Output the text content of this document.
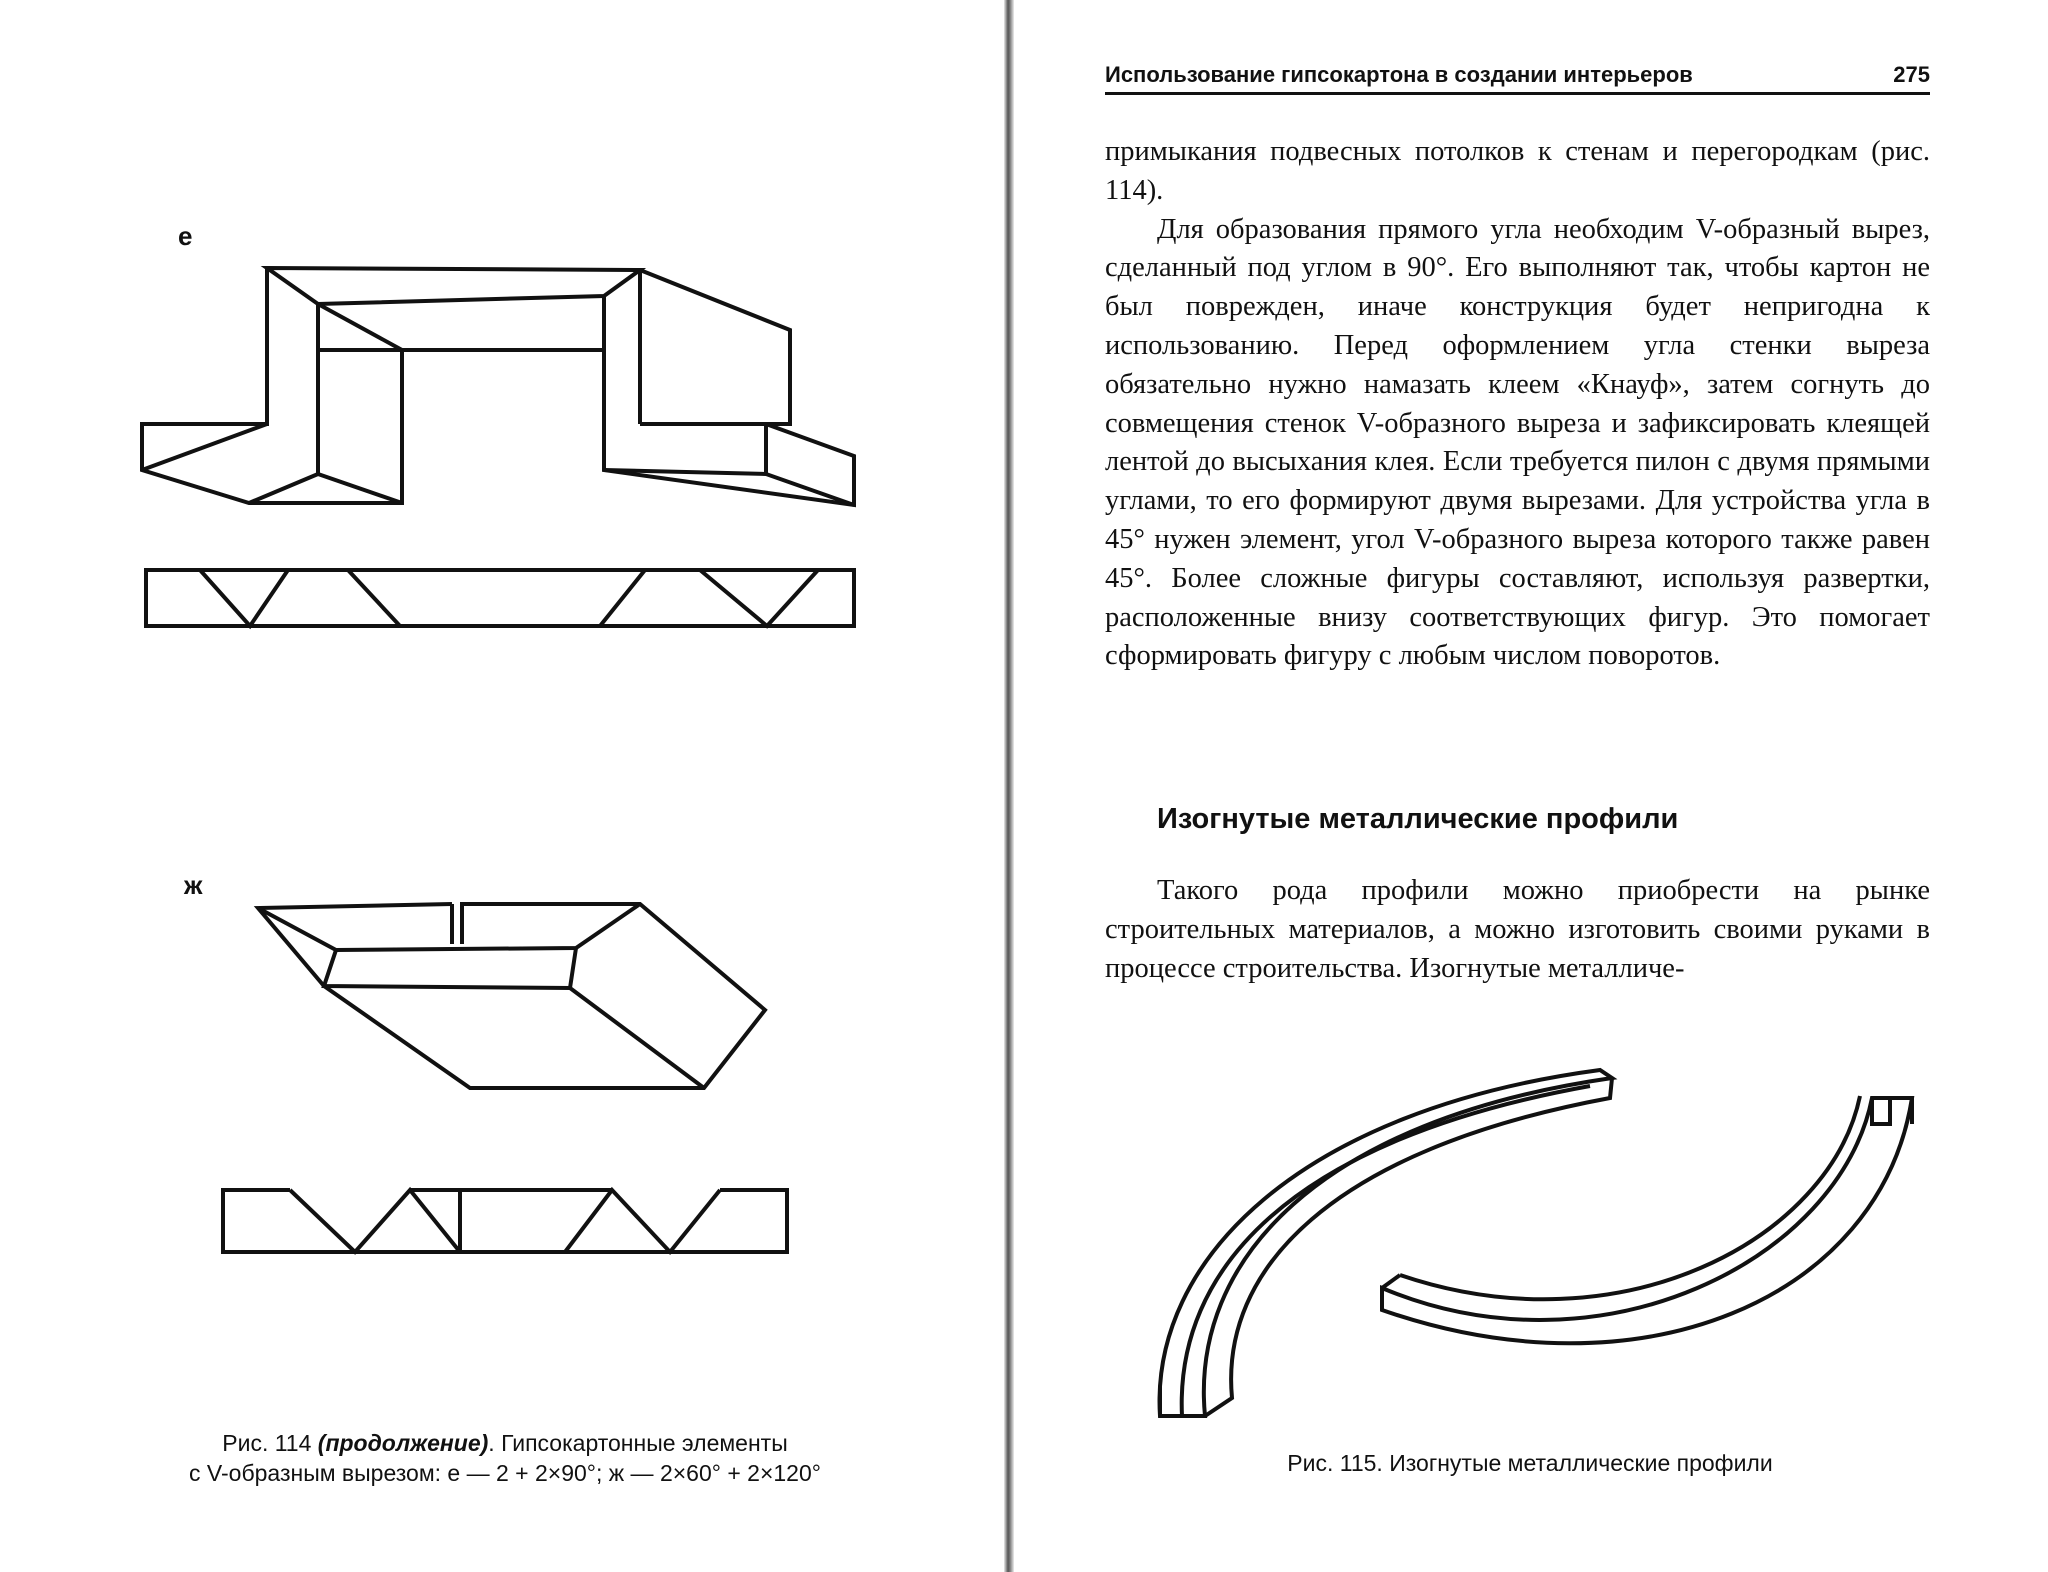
е
ж
Рис. 114 (продолжение). Гипсокартонные элементы
с V-образным вырезом: е — 2 + 2×90°; ж — 2×60° + 2×120°
Использование гипсокартона в создании интерьеров	275

примыкания подвесных потолков к стенам и перегородкам (рис. 114).

Для образования прямого угла необходим V-образный вырез, сделанный под углом в 90°. Его выполняют так, чтобы картон не был поврежден, иначе конструкция будет непригодна к использованию. Перед оформлением угла стенки выреза обязательно нужно намазать клеем «Кнауф», затем согнуть до совмещения стенок V-образного выреза и зафиксировать клеящей лентой до высыхания клея. Если требуется пилон с двумя прямыми углами, то его формируют двумя вырезами. Для устройства угла в 45° нужен элемент, угол V-образного выреза которого также равен 45°. Более сложные фигуры составляют, используя развертки, расположенные внизу соответствующих фигур. Это помогает сформировать фигуру с любым числом поворотов.

Изогнутые металлические профили

Такого рода профили можно приобрести на рынке строительных материалов, а можно изготовить своими руками в процессе строительства. Изогнутые металличе-

Рис. 115. Изогнутые металлические профили
